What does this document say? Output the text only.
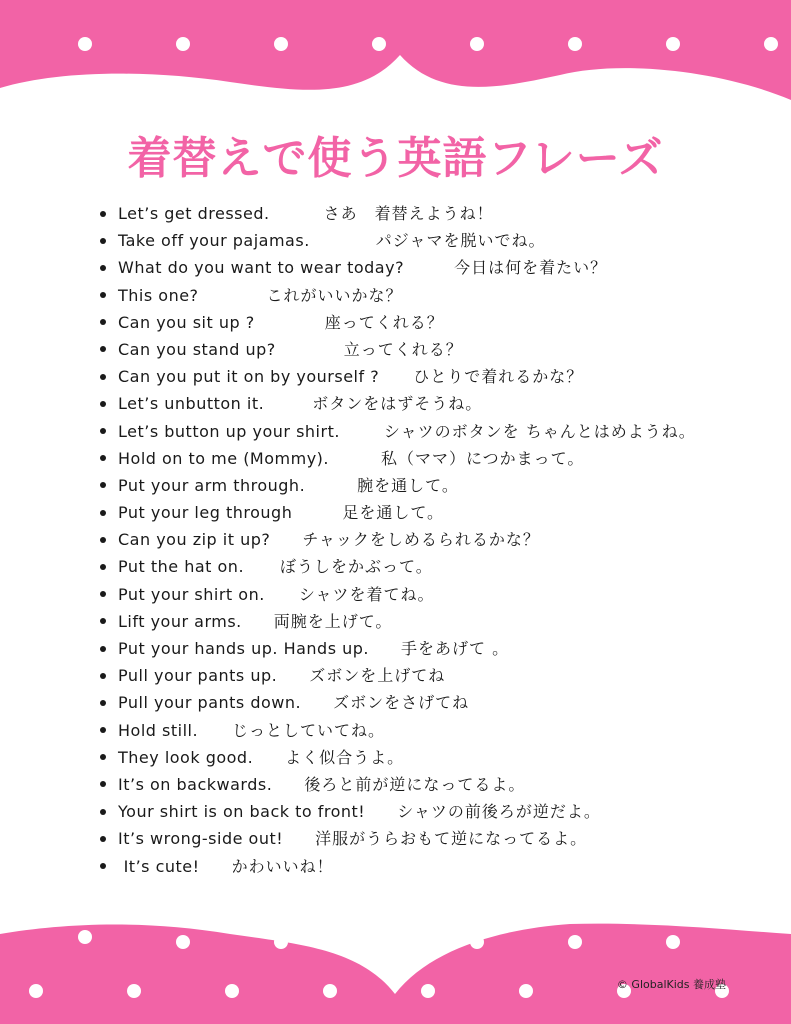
着替えで使う英語フレーズ
Let’s get dressed.	さあ　着替えようね！
Take off your pajamas.	パジャマを脱いでね。
What do you want to wear today?	今日は何を着たい？
This one?	これがいいかな？
Can you sit up ?	座ってくれる？
Can you stand up?	立ってくれる？
Can you put it on by yourself ? ひとりで着れるかな？
Let’s unbutton it.	ボタンをはずそうね。
Let’s button up your shirt.	シャツのボタンを ちゃんとはめようね。
Hold on to me (Mommy).	私（ママ）につかまって。
Put your arm through.	腕を通して。
Put your leg through	足を通して。
Can you zip it up? チャックをしめるられるかな？
Put the hat on. ぼうしをかぶって。
Put your shirt on. シャツを着てね。
Lift your arms. 両腕を上げて。
Put your hands up. Hands up. 手をあげて 。
Pull your pants up. ズボンを上げてね
Pull your pants down. ズボンをさげてね
Hold still. じっとしていてね。
They look good. よく似合うよ。
It’s on backwards. 後ろと前が逆になってるよ。
Your shirt is on back to front! シャツの前後ろが逆だよ。
It’s wrong-side out! 洋服がうらおもて逆になってるよ。
It’s cute! かわいいね！
© GlobalKids 養成塾
